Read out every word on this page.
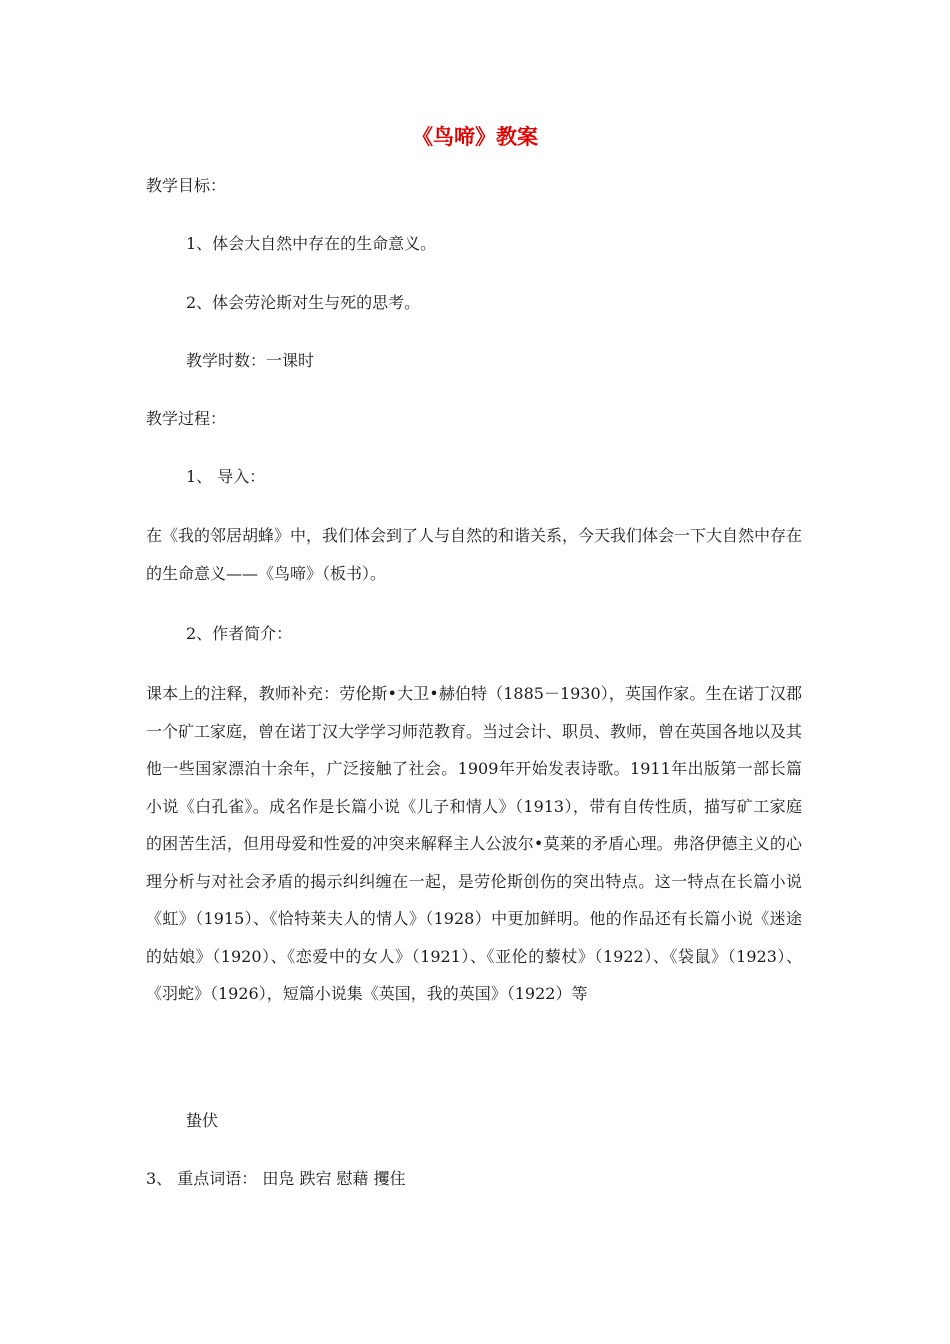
《鸟啼》教案
教学目标：
1、体会大自然中存在的生命意义。
2、体会劳沦斯对生与死的思考。
教学时数：一课时
教学过程：
1、 导入：
在《我的邻居胡蜂》中，我们体会到了人与自然的和谐关系，今天我们体会一下大自然中存在的生命意义——《鸟啼》（板书）。
2、作者简介：
课本上的注释，教师补充：劳伦斯•大卫•赫伯特（1885－1930），英国作家。生在诺丁汉郡一个矿工家庭，曾在诺丁汉大学学习师范教育。当过会计、职员、教师，曾在英国各地以及其他一些国家漂泊十余年，广泛接触了社会。1909年开始发表诗歌。1911年出版第一部长篇小说《白孔雀》。成名作是长篇小说《儿子和情人》（1913），带有自传性质，描写矿工家庭的困苦生活，但用母爱和性爱的冲突来解释主人公波尔•莫莱的矛盾心理。弗洛伊德主义的心理分析与对社会矛盾的揭示纠纠缠在一起，是劳伦斯创伤的突出特点。这一特点在长篇小说《虹》（1915）、《恰特莱夫人的情人》（1928）中更加鲜明。他的作品还有长篇小说《迷途的姑娘》（1920）、《恋爱中的女人》（1921）、《亚伦的藜杖》（1922）、《袋鼠》（1923）、《羽蛇》（1926），短篇小说集《英国，我的英国》（1922）等
蛰伏
3、 重点词语： 田凫 跌宕 慰藉 攫住
